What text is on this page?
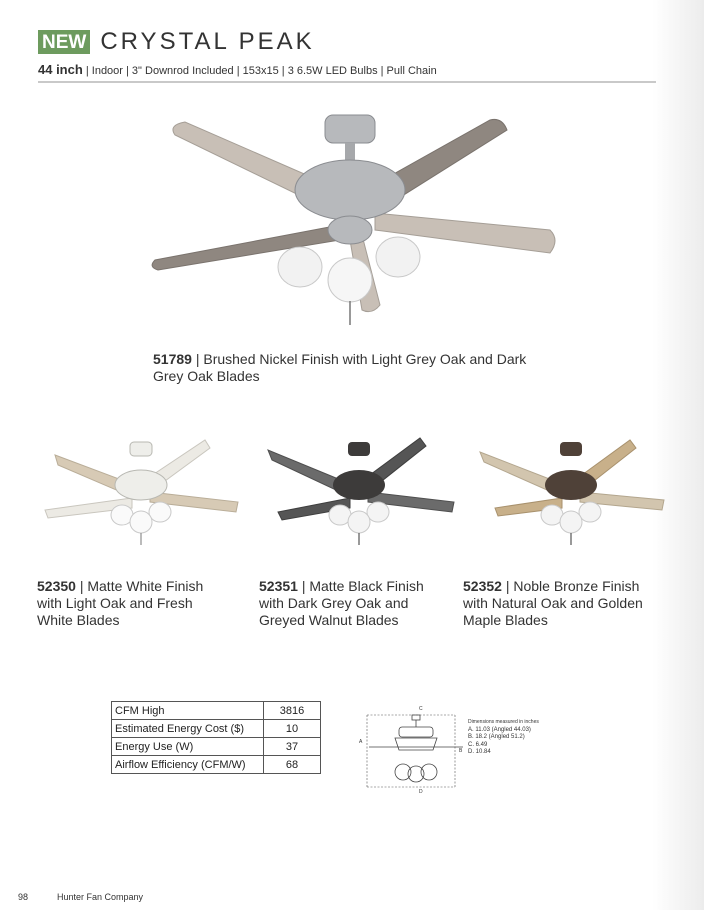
NEW CRYSTAL PEAK
44 inch | Indoor | 3" Downrod Included | 153x15 | 3 6.5W LED Bulbs | Pull Chain
51789 | Brushed Nickel Finish with Light Grey Oak and Dark Grey Oak Blades
52350 | Matte White Finish with Light Oak and Fresh White Blades
52351 | Matte Black Finish with Dark Grey Oak and Greyed Walnut Blades
52352 | Noble Bronze Finish with Natural Oak and Golden Maple Blades
CFM High	3816
Estimated Energy Cost ($)	10
Energy Use (W)	37
Airflow Efficiency (CFM/W)	68
A
B
C
D
Dimensions measured in inches
A. 11.03 (Angled 44.03)
B. 18.2 (Angled 51.2)
C. 6.49
D. 10.84
98	Hunter Fan Company
